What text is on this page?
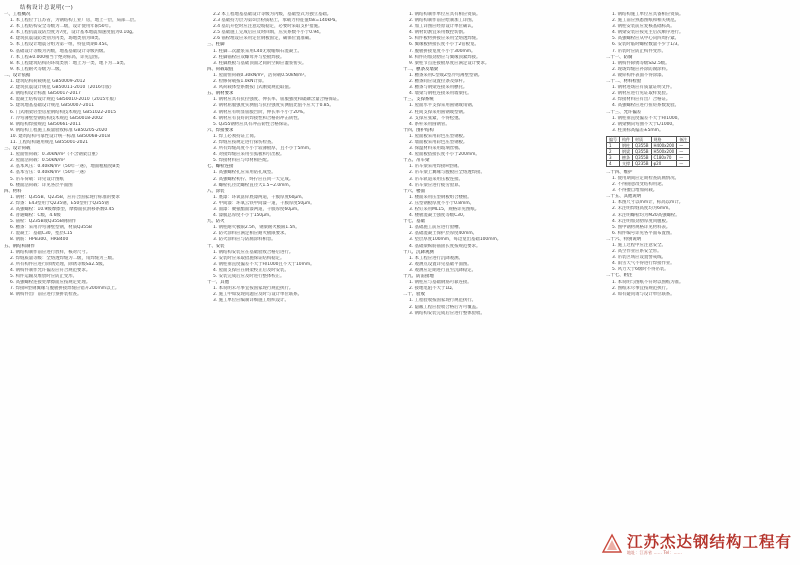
结构设计总说明(一)
一、工程概况
1. 本工程位于江苏省，为钢结构工业厂房，地上一层，局部二层。
2. 本工程结构安全等级为二级，设计使用年限50年。
3. 本工程抗震设防烈度为7度，设计基本地震加速度值为0.10g。
4. 建筑抗震设防类别为丙类，场地类别为III类。
5. 本工程设计地震分组为第一组，特征周期0.45s。
6. 基础设计等级为丙级，地基基础设计等级丙级。
7. 本工程±0.000相当于绝对标高，详见总图。
8. 本工程建筑结构的环境类别：地上为一类，地下为二a类。
9. 本工程耐火等级为二级。
二、设计依据
1. 建筑结构荷载规范 GB50009-2012
2. 建筑抗震设计规范 GB50011-2010（2016年版）
3. 钢结构设计标准 GB50017-2017
4. 混凝土结构设计规范 GB50010-2010（2015年版）
5. 建筑地基基础设计规范 GB50007-2011
6. 门式刚架轻型房屋钢结构技术规范 GB51022-2015
7. 冷弯薄壁型钢结构技术规范 GB50018-2002
8. 钢结构焊接规范 GB50661-2011
9. 钢结构工程施工质量验收标准 GB50205-2020
10. 建筑结构可靠性设计统一标准 GB50068-2018
11. 工程结构通用规范 GB55001-2021
三、设计荷载
1. 屋面恒荷载：0.30kN/m²（不含钢架自重）
2. 屋面活荷载：0.50kN/m²
3. 基本风压：0.40kN/m²（50年一遇），地面粗糙度B类
4. 基本雪压：0.40kN/m²（50年一遇）
5. 吊车荷载：详见设计图纸
6. 楼面活荷载：详见各层平面图
四、材料
1. 钢材：Q355B、Q235B，应符合国家现行标准的要求
2. 焊条：E43型用于Q235钢，E50型用于Q355钢
3. 高强螺栓：10.9级摩擦型，摩擦面抗滑移系数0.45
4. 普通螺栓：C级，4.6级
5. 锚栓：Q235B或Q355B钢制作
6. 檩条：采用冷弯薄壁型钢，材质Q355B
7. 混凝土：基础C30，垫层C15
8. 钢筋：HPB300、HRB400
五、钢结构制作
1. 钢结构制作前应进行放样，核对尺寸。
2. 焊缝质量等级：全熔透焊缝为二级，角焊缝为三级。
3. 所有构件应进行除锈处理，除锈等级Sa2.5级。
4. 钢构件制作允许偏差应符合规范要求。
5. 构件运输及堆放时应防止变形。
6. 高强螺栓连接处摩擦面应按规定处理。
7. 焊接H型钢翼缘与腹板拼接焊缝应错开200mm以上。
8. 钢构件出厂前应进行预拼装检查。
2.2 本工程地基基础设计等级为丙级，基础型式为独立基础。
2.3 基础持力层为第②层粉质粘土，承载力特征值fak=140kPa。
2.4 基坑开挖时应注意边坡稳定，必要时采取支护措施。
2.5 基础施工完成后应及时回填，压实系数不小于0.94。
2.6 锚栓埋设应采用定位钢板固定，确保位置准确。
三、柱脚
1. 柱脚二次灌浆采用C40无收缩细石混凝土。
2. 柱脚锚栓应双螺母并与垫板焊接。
3. 柱脚底板与基础顶面之间的空隙应灌浆密实。
四、荷载取值
1. 屋面恒荷载0.30kN/m²，活荷载0.50kN/m²。
2. 检修荷载按1.0kN计算。
3. 风荷载体型系数按门式刚架规范取值。
五、钢材要求
1. 钢材应具有抗拉强度、伸长率、屈服强度和硫磷含量合格保证。
2. 钢材屈服强度实测值与抗拉强度实测值比值不应大于0.85。
3. 钢材应有明显屈服台阶，伸长率不小于20%。
4. 钢材应有良好的焊接性和合格的冲击韧性。
5. Q355钢材应具有冲击韧性合格保证。
六、焊接要求
1. 焊工必须持证上岗。
2. 焊缝应按规定进行探伤检查。
3. 所有焊缝高度不小于较薄板厚，且不小于5mm。
4. 对接焊缝应采用引弧板和引出板。
5. 焊接材料应与母材相匹配。
七、螺栓连接
1. 高强螺栓孔应采用钻孔成型。
2. 高强螺栓初拧、终拧应在同一天完成。
3. 螺栓孔径比螺栓直径大1.5~2.0mm。
八、涂装
1. 底漆：环氧富锌底漆两道，干膜厚度60μm。
2. 中间漆：环氧云铁中间漆一道，干膜厚度50μm。
3. 面漆：聚氨酯面漆两道，干膜厚度60μm。
4. 漆膜总厚度不小于150μm。
九、防火
1. 钢柱耐火极限2.5h，钢梁耐火极限1.5h。
2. 防火涂料应满足相应耐火极限要求。
3. 防火涂料应与防腐涂料相容。
十、安装
1. 钢结构安装应在基础验收合格后进行。
2. 安装时应采取措施保证结构稳定。
3. 钢柱垂直度偏差不大于H/1000且不大于10mm。
4. 屋面支撑应在钢架校正后及时安装。
5. 安装完成后应及时进行整体校正。
十一、其他
1. 本说明未尽事宜按国家现行规范执行。
2. 施工中如发现问题应及时与设计单位联系。
3. 施工单位应编制详细施工组织设计。
1. 钢结构制作单位应具有相应资质。
2. 钢结构制作前应绘制加工详图。
3. 加工详图应经原设计单位确认。
4. 钢材切割宜采用数控切割。
5. 构件板材拼接应采用全熔透焊缝。
6. 翼缘板拼接长度不小于2倍板宽。
7. 腹板拼接宽度不小于300mm。
8. 构件的加劲肋应与翼缘顶紧焊接。
9. 梁柱节点连接板厚度应满足设计要求。
十二、檩条及墙梁
1. 檩条采用C型或Z型冷弯薄壁型钢。
2. 檩条间应设置拉条及撑杆。
3. 檩条与钢梁连接采用檩托。
4. 墙梁与钢柱连接采用墙梁托。
十三、支撑系统
1. 屋面水平支撑采用圆钢或角钢。
2. 柱间支撑采用圆钢或型钢。
3. 支撑应张紧，不得松弛。
4. 系杆采用圆钢管。
十四、围护结构
1. 屋面板采用彩色压型钢板。
2. 墙面板采用彩色压型钢板。
3. 保温材料采用玻璃丝棉。
4. 屋面板搭接长度不小于200mm。
十五、吊车梁
1. 吊车梁采用焊接H型钢。
2. 吊车梁上翼缘与腹板应全熔透焊接。
3. 吊车轨道采用压板连接。
4. 吊车梁应进行疲劳验算。
十六、楼面
1. 楼面采用压型钢板组合楼板。
2. 压型钢板厚度不小于0.8mm。
3. 栓钉采用ML15，规格详见图纸。
4. 楼板混凝土强度等级C30。
十七、基础
1. 基础施工前应进行验槽。
2. 基础混凝土保护层厚度40mm。
3. 垫层厚度100mm，每边宽出基础100mm。
4. 基础梁纵筋锚固长度按规范要求。
十八、沉降观测
1. 本工程应进行沉降观测。
2. 观测点设置详见基础平面图。
3. 观测应定期进行直至沉降稳定。
十九、防雷接地
1. 钢柱应与基础钢筋可靠连接。
2. 接地电阻不大于1Ω。
二十、验收
1. 工程验收按国家现行规范执行。
2. 隐蔽工程应验收合格后方可覆盖。
3. 钢结构安装完成后应进行整体验收。
1. 钢结构施工单位应具备相应资质。
2. 施工前应熟悉图纸和相关规范。
3. 钢柱安装前应复核基础标高。
4. 钢梁安装应按先主后次顺序进行。
5. 高强螺栓应从中心向四周拧紧。
6. 安装时临时螺栓数量不少于1/3。
7. 吊装时应防止构件变形。
二十一、防腐
1. 钢构件除锈等级Sa2.5级。
2. 现场焊缝应补涂防腐涂料。
3. 镀锌构件表面不得涂漆。
二十二、材料检验
1. 钢材进场应有质量证明文件。
2. 钢材应进行见证取样复验。
3. 焊接材料应有出厂合格证。
4. 高强螺栓应进行扭矩系数复验。
二十三、允许偏差
1. 钢柱垂直度偏差不大于H/1000。
2. 钢梁侧向弯曲不大于L/1000。
3. 柱顶标高偏差±5mm。
编号	构件	材质	规格	备注
1	钢柱	Q355B	H400x200	—
2	钢梁	Q355B	H500x200	—
3	檩条	Q355B	C180x70	—
4	支撑	Q235B	φ20	—
二十四、维护
1. 使用期间应定期检查防腐情况。
2. 不得随意改变结构用途。
3. 不得擅自增加荷载。
二十五、其他说明
1. 本图尺寸以mm计，标高以m计。
2. 未注明焊缝高度均为6mm。
3. 未注明螺栓均为M20高强螺栓。
4. 未注明加劲肋厚度同腹板。
5. 图中钢材规格详见材料表。
6. 构件编号详见各平面布置图。
二十六、特别说明
1. 施工过程中应注意安全。
2. 高空作业应系安全带。
3. 吊装区域应设置警戒线。
4. 雨雪天气不得进行焊接作业。
5. 风力大于6级时不得吊装。
二十七、附注
1. 本说明与图纸不符时以图纸为准。
2. 图纸未尽事宜按规范执行。
3. 如有疑问请与设计单位联系。
江苏杰达钢结构工程有
地址：江苏省 …… Tel：……
